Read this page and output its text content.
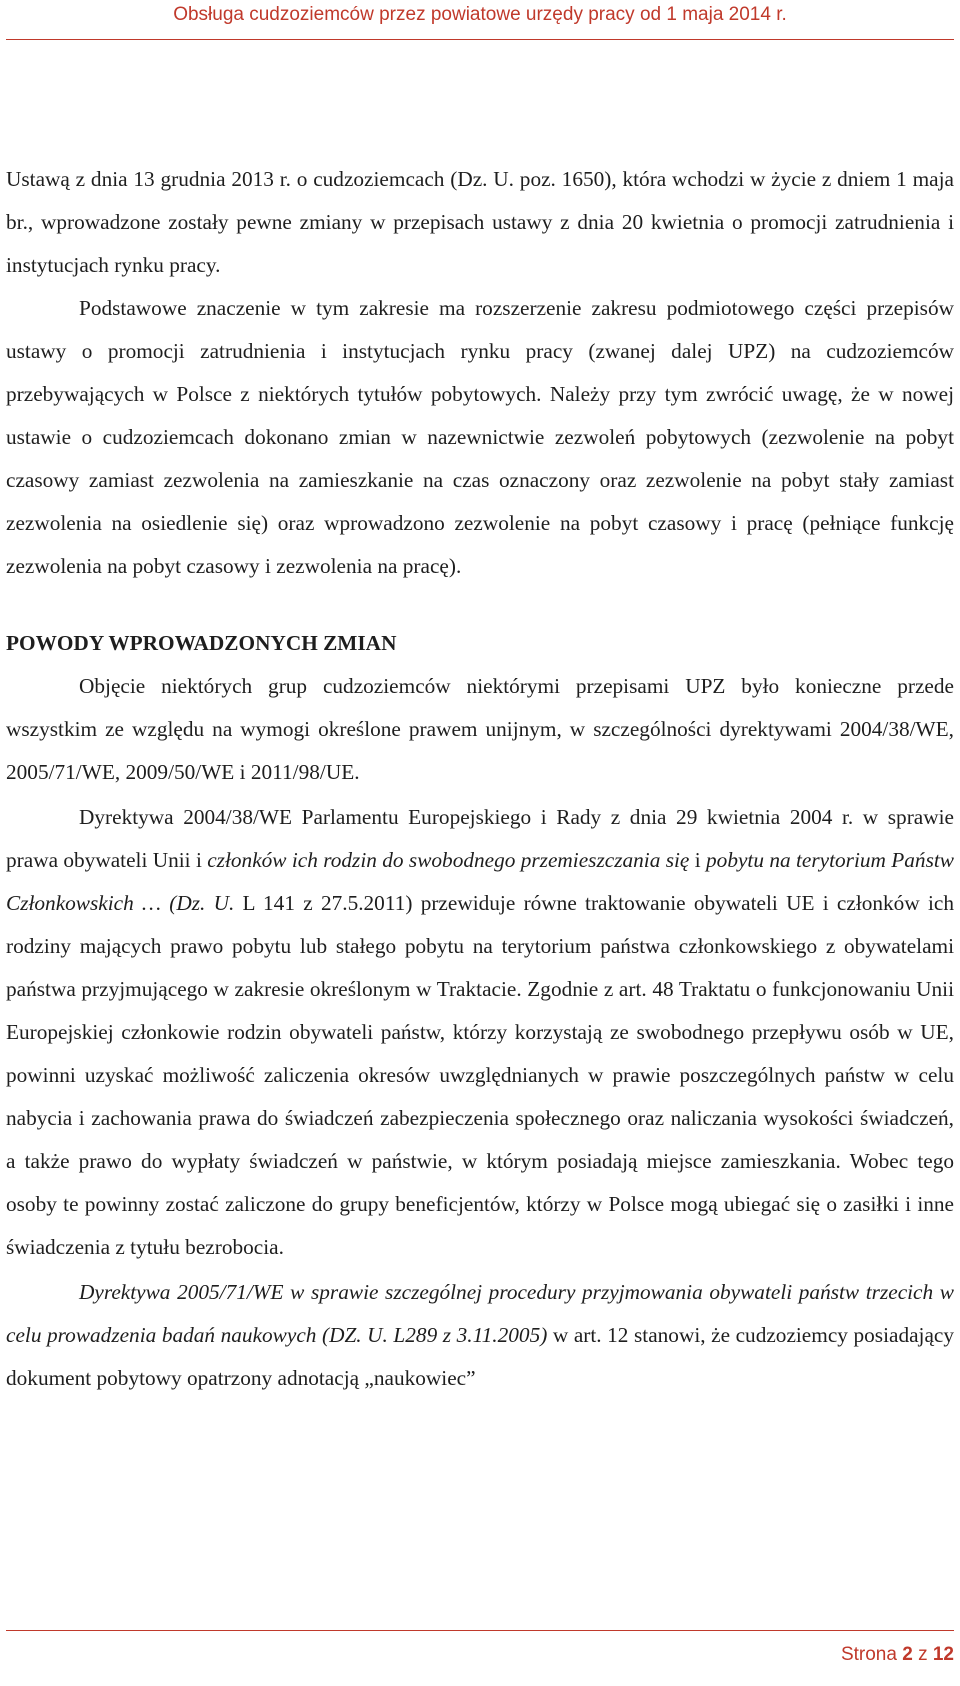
Obsługa cudzoziemców przez powiatowe urzędy pracy od 1 maja 2014 r.

Ustawą z dnia 13 grudnia 2013 r. o cudzoziemcach (Dz. U. poz. 1650), która wchodzi w życie z dniem 1 maja br., wprowadzone zostały pewne zmiany w przepisach ustawy z dnia 20 kwietnia o promocji zatrudnienia i instytucjach rynku pracy.

Podstawowe znaczenie w tym zakresie ma rozszerzenie zakresu podmiotowego części przepisów ustawy o promocji zatrudnienia i instytucjach rynku pracy (zwanej dalej UPZ) na cudzoziemców przebywających w Polsce z niektórych tytułów pobytowych. Należy przy tym zwrócić uwagę, że w nowej ustawie o cudzoziemcach dokonano zmian w nazewnictwie zezwoleń pobytowych (zezwolenie na pobyt czasowy zamiast zezwolenia na zamieszkanie na czas oznaczony oraz zezwolenie na pobyt stały zamiast zezwolenia na osiedlenie się) oraz wprowadzono zezwolenie na pobyt czasowy i pracę (pełniące funkcję zezwolenia na pobyt czasowy i zezwolenia na pracę).

POWODY WPROWADZONYCH ZMIAN

Objęcie niektórych grup cudzoziemców niektórymi przepisami UPZ było konieczne przede wszystkim ze względu na wymogi określone prawem unijnym, w szczególności dyrektywami 2004/38/WE, 2005/71/WE, 2009/50/WE i 2011/98/UE.

Dyrektywa 2004/38/WE Parlamentu Europejskiego i Rady z dnia 29 kwietnia 2004 r. w sprawie prawa obywateli Unii i członków ich rodzin do swobodnego przemieszczania się i pobytu na terytorium Państw Członkowskich … (Dz. U. L 141 z 27.5.2011) przewiduje równe traktowanie obywateli UE i członków ich rodziny mających prawo pobytu lub stałego pobytu na terytorium państwa członkowskiego z obywatelami państwa przyjmującego w zakresie określonym w Traktacie. Zgodnie z art. 48 Traktatu o funkcjonowaniu Unii Europejskiej członkowie rodzin obywateli państw, którzy korzystają ze swobodnego przepływu osób w UE, powinni uzyskać możliwość zaliczenia okresów uwzględnianych w prawie poszczególnych państw w celu nabycia i zachowania prawa do świadczeń zabezpieczenia społecznego oraz naliczania wysokości świadczeń, a także prawo do wypłaty świadczeń w państwie, w którym posiadają miejsce zamieszkania. Wobec tego osoby te powinny zostać zaliczone do grupy beneficjentów, którzy w Polsce mogą ubiegać się o zasiłki i inne świadczenia z tytułu bezrobocia.

Dyrektywa 2005/71/WE w sprawie szczególnej procedury przyjmowania obywateli państw trzecich w celu prowadzenia badań naukowych (DZ. U. L289 z 3.11.2005) w art. 12 stanowi, że cudzoziemcy posiadający dokument pobytowy opatrzony adnotacją „naukowiec”

Strona 2 z 12
